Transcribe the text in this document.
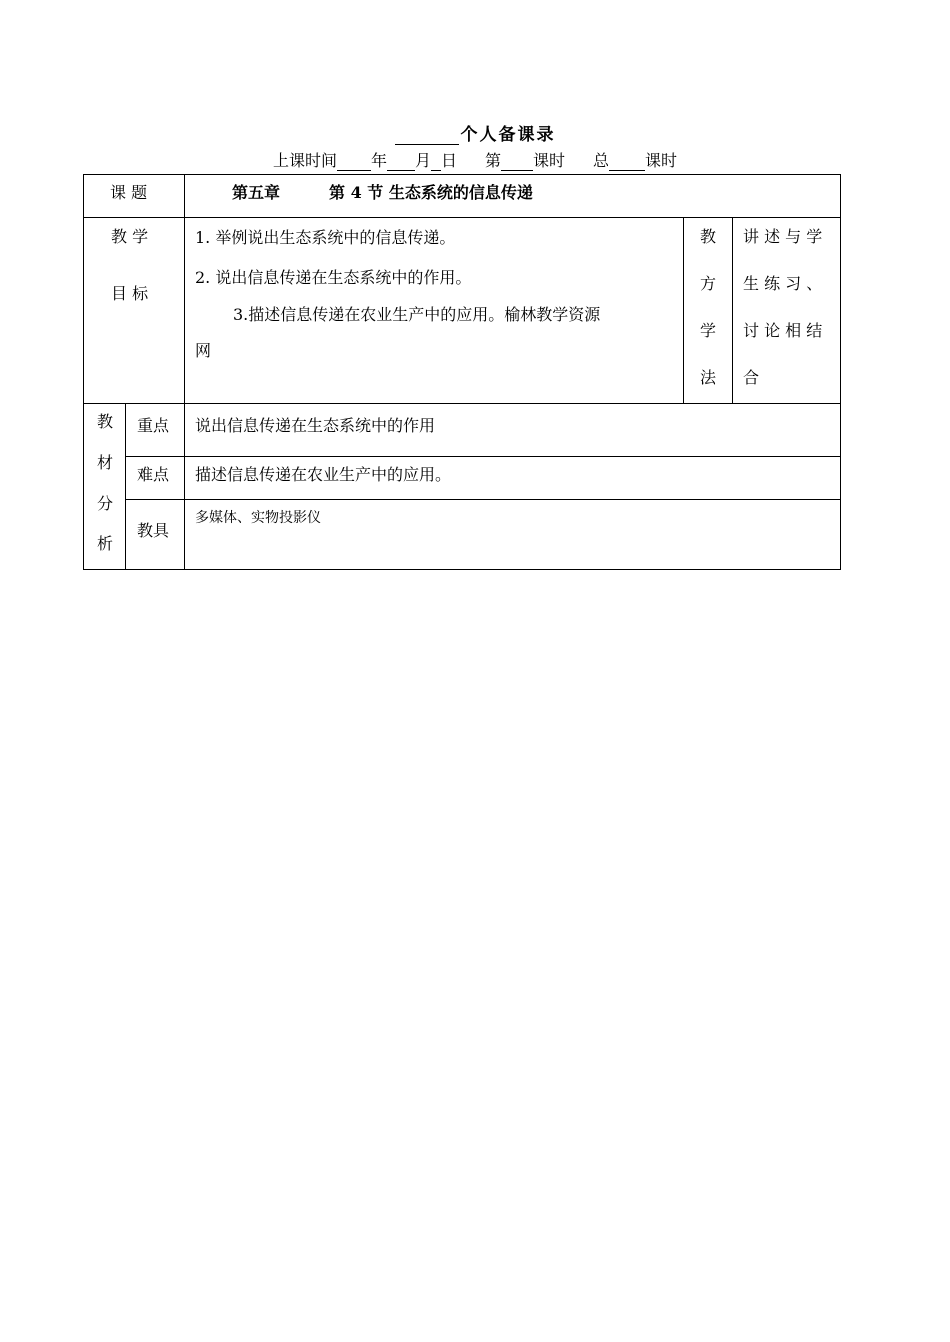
个人备课录
上课时间 年 月 日 第 课时 总 课时
课 题	第五章	第 4 节 生态系统的信息传递
教 学
目 标
1. 举例说出生态系统中的信息传递。
2. 说出信息传递在生态系统中的作用。
3.描述信息传递在农业生产中的应用。榆林教学资源
网
教
方
学
法
讲 述 与 学
生 练 习 、
讨 论 相 结
合
教
材
分
析
重点 说出信息传递在生态系统中的作用
难点 描述信息传递在农业生产中的应用。
教具
多媒体、实物投影仪
